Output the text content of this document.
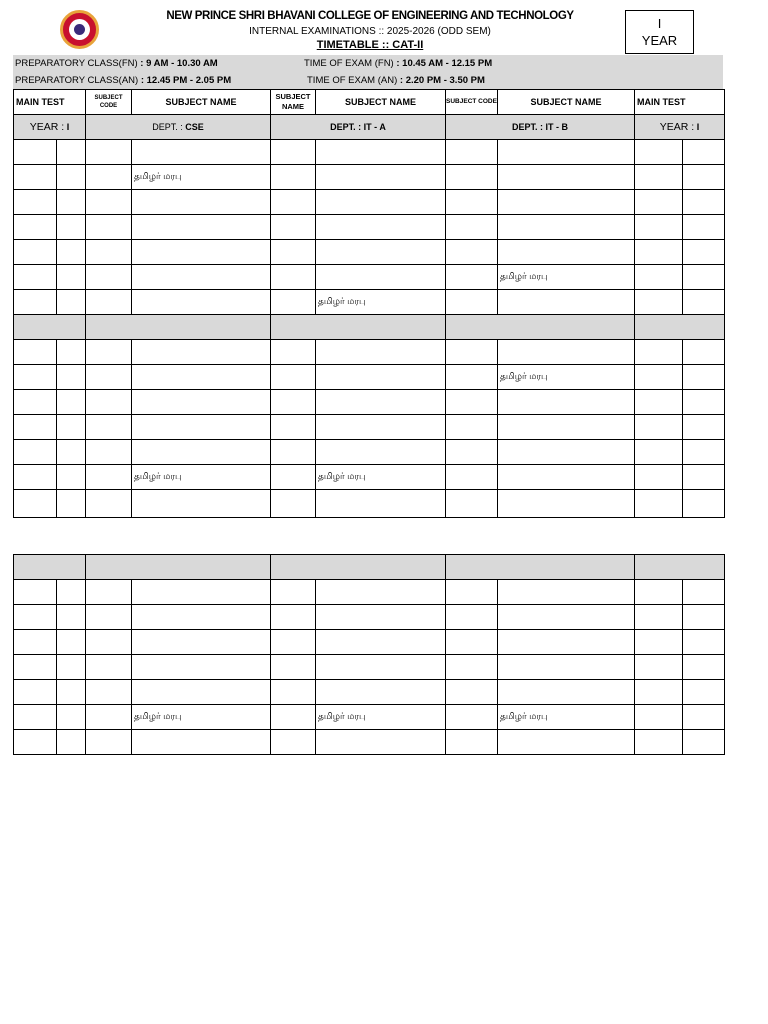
NEW PRINCE SHRI BHAVANI COLLEGE OF ENGINEERING AND TECHNOLOGY
INTERNAL EXAMINATIONS :: 2025-2026 (ODD SEM)
TIMETABLE :: CAT-II
I
YEAR
PREPARATORY CLASS(FN) : 9 AM - 10.30 AM	TIME OF EXAM (FN) : 10.45 AM - 12.15 PM
PREPARATORY CLASS(AN) : 12.45 PM - 2.05 PM	TIME OF EXAM (AN) : 2.20 PM - 3.50 PM
MAIN TEST		SUBJECT CODE	SUBJECT NAME	SUBJECT NAME	SUBJECT NAME	SUBJECT CODE	SUBJECT NAME	MAIN TEST	
YEAR : I		DEPT. : CSE		DEPT. : IT - A		DEPT. : IT - B		YEAR : I	

			தமிழர் மரபு						

							தமிழர் மரபு		
					தமிழர் மரபு				

							தமிழர் மரபு		

			தமிழர் மரபு		தமிழர் மரபு				

			தமிழர் மரபு		தமிழர் மரபு		தமிழர் மரபு		
